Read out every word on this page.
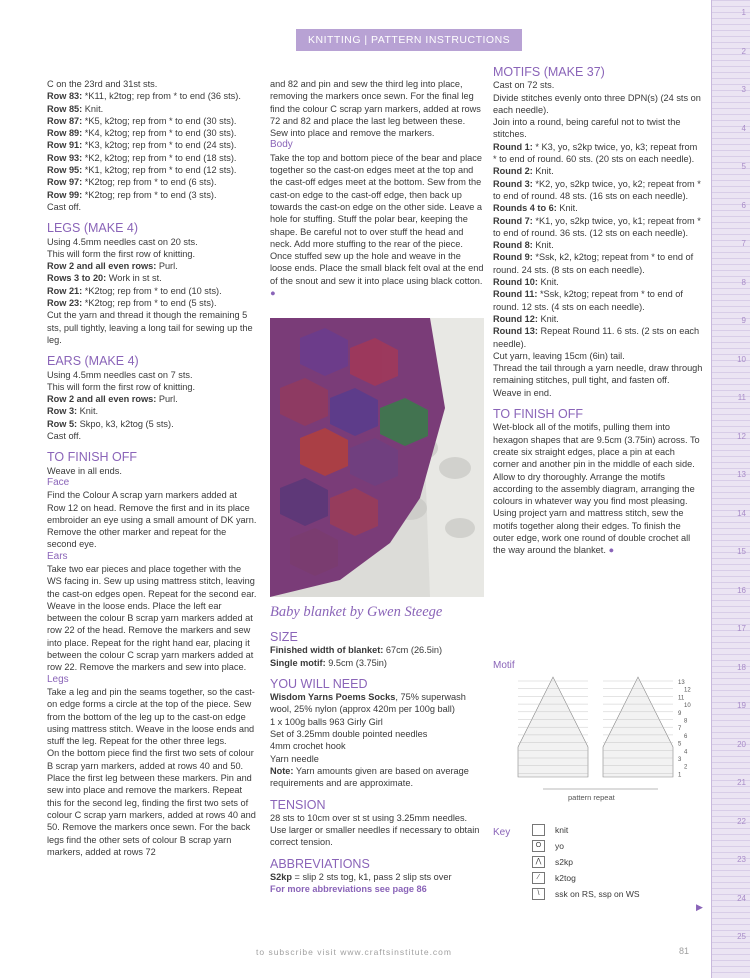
1
2
3
4
5
6
7
8
9
10
11
12
13
14
15
16
17
18
19
20
21
22
23
24
25
KNITTING | PATTERN INSTRUCTIONS

C on the 23rd and 31st sts.

Row 83: *K11, k2tog; rep from * to end (36 sts).

Row 85: Knit.

Row 87: *K5, k2tog; rep from * to end (30 sts).

Row 89: *K4, k2tog; rep from * to end (30 sts).

Row 91: *K3, k2tog; rep from * to end (24 sts).

Row 93: *K2, k2tog; rep from * to end (18 sts).

Row 95: *K1, k2tog; rep from * to end (12 sts).

Row 97: *K2tog; rep from * to end (6 sts).

Row 99: *K2tog; rep from * to end (3 sts).

Cast off.

LEGS (MAKE 4)

Using 4.5mm needles cast on 20 sts.

This will form the first row of knitting.

Row 2 and all even rows: Purl.

Rows 3 to 20: Work in st st.

Row 21: *K2tog; rep from * to end (10 sts).

Row 23: *K2tog; rep from * to end (5 sts).

Cut the yarn and thread it though the remaining 5 sts, pull tightly, leaving a long tail for sewing up the leg.

EARS (MAKE 4)

Using 4.5mm needles cast on 7 sts.

This will form the first row of knitting.

Row 2 and all even rows: Purl.

Row 3: Knit.

Row 5: Skpo, k3, k2tog (5 sts).

Cast off.

TO FINISH OFF

Weave in all ends.

Face

Find the Colour A scrap yarn markers added at Row 12 on head. Remove the first and in its place embroider an eye using a small amount of DK yarn. Remove the other marker and repeat for the second eye.

Ears

Take two ear pieces and place together with the WS facing in. Sew up using mattress stitch, leaving the cast-on edges open. Repeat for the second ear. Weave in the loose ends. Place the left ear between the colour B scrap yarn markers added at row 22 of the head. Remove the markers and sew into place. Repeat for the right hand ear, placing it between the colour C scrap yarn markers added at row 22. Remove the markers and sew into place.

Legs

Take a leg and pin the seams together, so the cast-on edge forms a circle at the top of the piece. Sew from the bottom of the leg up to the cast-on edge using mattress stitch. Weave in the loose ends and stuff the leg. Repeat for the other three legs.

On the bottom piece find the first two sets of colour B scrap yarn markers, added at rows 40 and 50. Place the first leg between these markers. Pin and sew into place and remove the markers. Repeat this for the second leg, finding the first two sets of colour C scrap yarn markers, added at rows 40 and 50. Remove the markers once sewn. For the back legs find the other sets of colour B scrap yarn markers, added at rows 72

and 82 and pin and sew the third leg into place, removing the markers once sewn. For the final leg find the colour C scrap yarn markers, added at rows 72 and 82 and place the last leg between these. Sew into place and remove the markers.

Body

Take the top and bottom piece of the bear and place together so the cast-on edges meet at the top and the cast-off edges meet at the bottom. Sew from the cast-on edge to the cast-off edge, then back up towards the cast-on edge on the other side. Leave a hole for stuffing. Stuff the polar bear, keeping the shape. Be careful not to over stuff the head and neck. Add more stuffing to the rear of the piece. Once stuffed sew up the hole and weave in the loose ends. Place the small black felt oval at the end of the snout and sew it into place using black cotton. ●

Baby blanket by Gwen Steege

SIZE

Finished width of blanket: 67cm (26.5in)

Single motif: 9.5cm (3.75in)

YOU WILL NEED

Wisdom Yarns Poems Socks, 75% superwash wool, 25% nylon (approx 420m per 100g ball)

1 x 100g balls 963 Girly Girl

Set of 3.25mm double pointed needles

4mm crochet hook

Yarn needle

Note: Yarn amounts given are based on average requirements and are approximate.

TENSION

28 sts to 10cm over st st using 3.25mm needles. Use larger or smaller needles if necessary to obtain correct tension.

ABBREVIATIONS

S2kp = slip 2 sts tog, k1, pass 2 slip sts over

For more abbreviations see page 86

MOTIFS (MAKE 37)

Cast on 72 sts.

Divide stitches evenly onto three DPN(s) (24 sts on each needle).

Join into a round, being careful not to twist the stitches.

Round 1: * K3, yo, s2kp twice, yo, k3; repeat from * to end of round. 60 sts. (20 sts on each needle).

Round 2: Knit.

Round 3: *K2, yo, s2kp twice, yo, k2; repeat from * to end of round. 48 sts. (16 sts on each needle).

Rounds 4 to 6: Knit.

Round 7: *K1, yo, s2kp twice, yo, k1; repeat from * to end of round. 36 sts. (12 sts on each needle).

Round 8: Knit.

Round 9: *Ssk, k2, k2tog; repeat from * to end of round. 24 sts. (8 sts on each needle).

Round 10: Knit.

Round 11: *Ssk, k2tog; repeat from * to end of round. 12 sts. (4 sts on each needle).

Round 12: Knit.

Round 13: Repeat Round 11. 6 sts. (2 sts on each needle).

Cut yarn, leaving 15cm (6in) tail.

Thread the tail through a yarn needle, draw through remaining stitches, pull tight, and fasten off.

Weave in end.

TO FINISH OFF

Wet-block all of the motifs, pulling them into hexagon shapes that are 9.5cm (3.75in) across. To create six straight edges, place a pin at each corner and another pin in the middle of each side. Allow to dry thoroughly. Arrange the motifs according to the assembly diagram, arranging the colours in whatever way you find most pleasing. Using project yarn and mattress stitch, sew the motifs together along their edges. To finish the outer edge, work one round of double crochet all the way around the blanket. ●

Motif
pattern repeat
13
12
11
10
9
8
7
6
5
4
3
2
1
Key	knit
O	yo
⋀	s2kp
⁄	k2tog
\	ssk on RS, ssp on WS
▶
to subscribe visit www.craftsinstitute.com	81
